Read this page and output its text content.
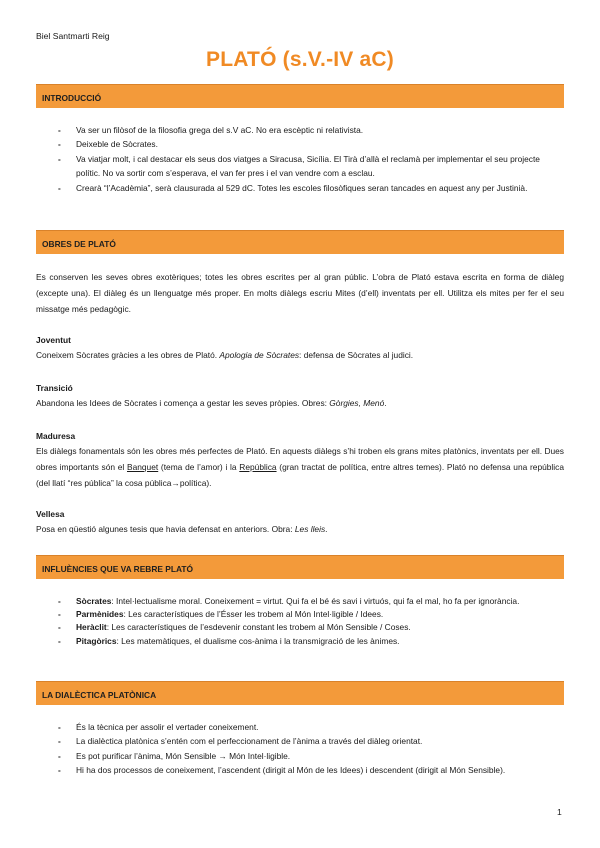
Biel Santmarti Reig
PLATÓ (s.V.-IV aC)
INTRODUCCIÓ
- Va ser un filòsof de la filosofia grega del s.V aC. No era escèptic ni relativista.
- Deixeble de Sòcrates.
- Va viatjar molt, i cal destacar els seus dos viatges a Siracusa, Sicília. El Tirà d’allà el reclamà per implementar el seu projecte polític. No va sortir com s’esperava, el van fer pres i el van vendre com a esclau.
- Crearà “l’Acadèmia”, serà clausurada al 529 dC. Totes les escoles filosòfiques seran tancades en aquest any per Justinià.
OBRES DE PLATÓ
Es conserven les seves obres exotèriques; totes les obres escrites per al gran públic. L’obra de Plató estava escrita en forma de diàleg (excepte una). El diàleg és un llenguatge més proper. En molts diàlegs escriu Mites (d’ell) inventats per ell. Utilitza els mites per fer el seu missatge més pedagògic.
Joventut
Coneixem Sòcrates gràcies a les obres de Plató. Apologia de Sòcrates: defensa de Sòcrates al judici.
Transició
Abandona les Idees de Sòcrates i comença a gestar les seves pròpies. Obres: Gòrgies, Menó.
Maduresa
Els diàlegs fonamentals són les obres més perfectes de Plató. En aquests diàlegs s’hi troben els grans mites platònics, inventats per ell. Dues obres importants són el Banquet (tema de l’amor) i la República (gran tractat de política, entre altres temes). Plató no defensa una república (del llatí “res pública” la cosa pública→política).
Vellesa
Posa en qüestió algunes tesis que havia defensat en anteriors. Obra: Les lleis.
INFLUÈNCIES QUE VA REBRE PLATÓ
- Sòcrates: Intel·lectualisme moral. Coneixement = virtut. Qui fa el bé és savi i virtuós, qui fa el mal, ho fa per ignorància.
- Parmènides: Les característiques de l’Ésser les trobem al Món Intel·ligible / Idees.
- Heràclit: Les característiques de l’esdevenir constant les trobem al Món Sensible / Coses.
- Pitagòrics: Les matemàtiques, el dualisme cos-ànima i la transmigració de les ànimes.
LA DIALÈCTICA PLATÒNICA
- És la tècnica per assolir el vertader coneixement.
- La dialèctica platònica s’entén com el perfeccionament de l’ànima a través del diàleg orientat.
- Es pot purificar l’ànima, Món Sensible → Món Intel·ligible.
- Hi ha dos processos de coneixement, l’ascendent (dirigit al Món de les Idees) i descendent (dirigit al Món Sensible).
1
